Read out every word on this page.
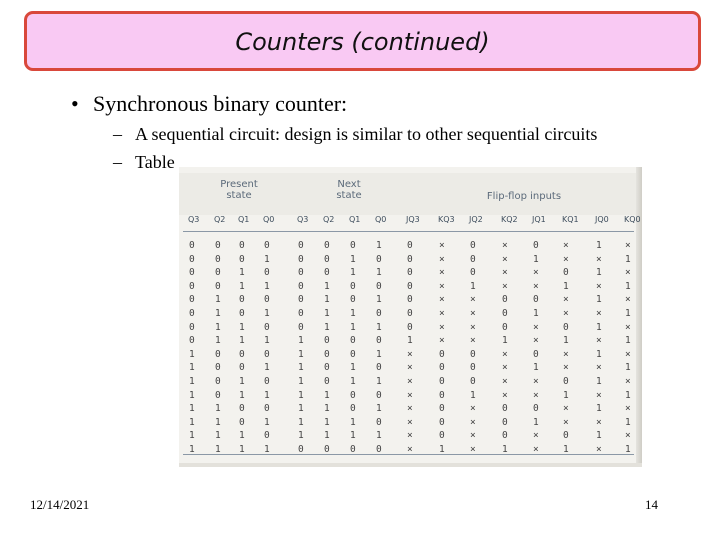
Counters (continued)
• Synchronous binary counter:
– A sequential circuit: design is similar to other sequential circuits
– Table
Present state
Next state	Flip-flop inputs
Q3 Q2 Q1 Q0	Q3 Q2 Q1 Q0 JQ3 KQ3 JQ2 KQ2 JQ1 KQ1 JQ0 KQ0
0 0 0 0	0 0 0 1	0	×	0	×	0	×	1 ×
0 0 0 1	0 0 1 0	0	×	0	×	1	×	× 1
0 0 1 0	0 0 1 1	0	×	0	×	×	0	1 ×
0 0 1 1	0 1 0 0	0	×	1	×	×	1	× 1
0 1 0 0	0 1 0 1	0	×	×	0	0	×	1 ×
0 1 0 1	0 1 1 0	0	×	×	0	1	×	× 1
0 1 1 0	0 1 1 1	0	×	×	0	×	0	1 ×
0 1 1 1	1 0 0 0	1	×	×	1	×	1	× 1
1 0 0 0	1 0 0 1	×	0	0	×	0	×	1 ×
1 0 0 1	1 0 1 0	×	0	0	×	1	×	× 1
1 0 1 0	1 0 1 1	×	0	0	×	×	0	1 ×
1 0 1 1	1 1 0 0	×	0	1	×	×	1	× 1
1 1 0 0	1 1 0 1	×	0	×	0	0	×	1 ×
1 1 0 1	1 1 1 0	×	0	×	0	1	×	× 1
1 1 1 0	1 1 1 1	×	0	×	0	×	0	1 ×
1 1 1 1	0 0 0 0	×	1	×	1	×	1	× 1
12/14/2021	14
